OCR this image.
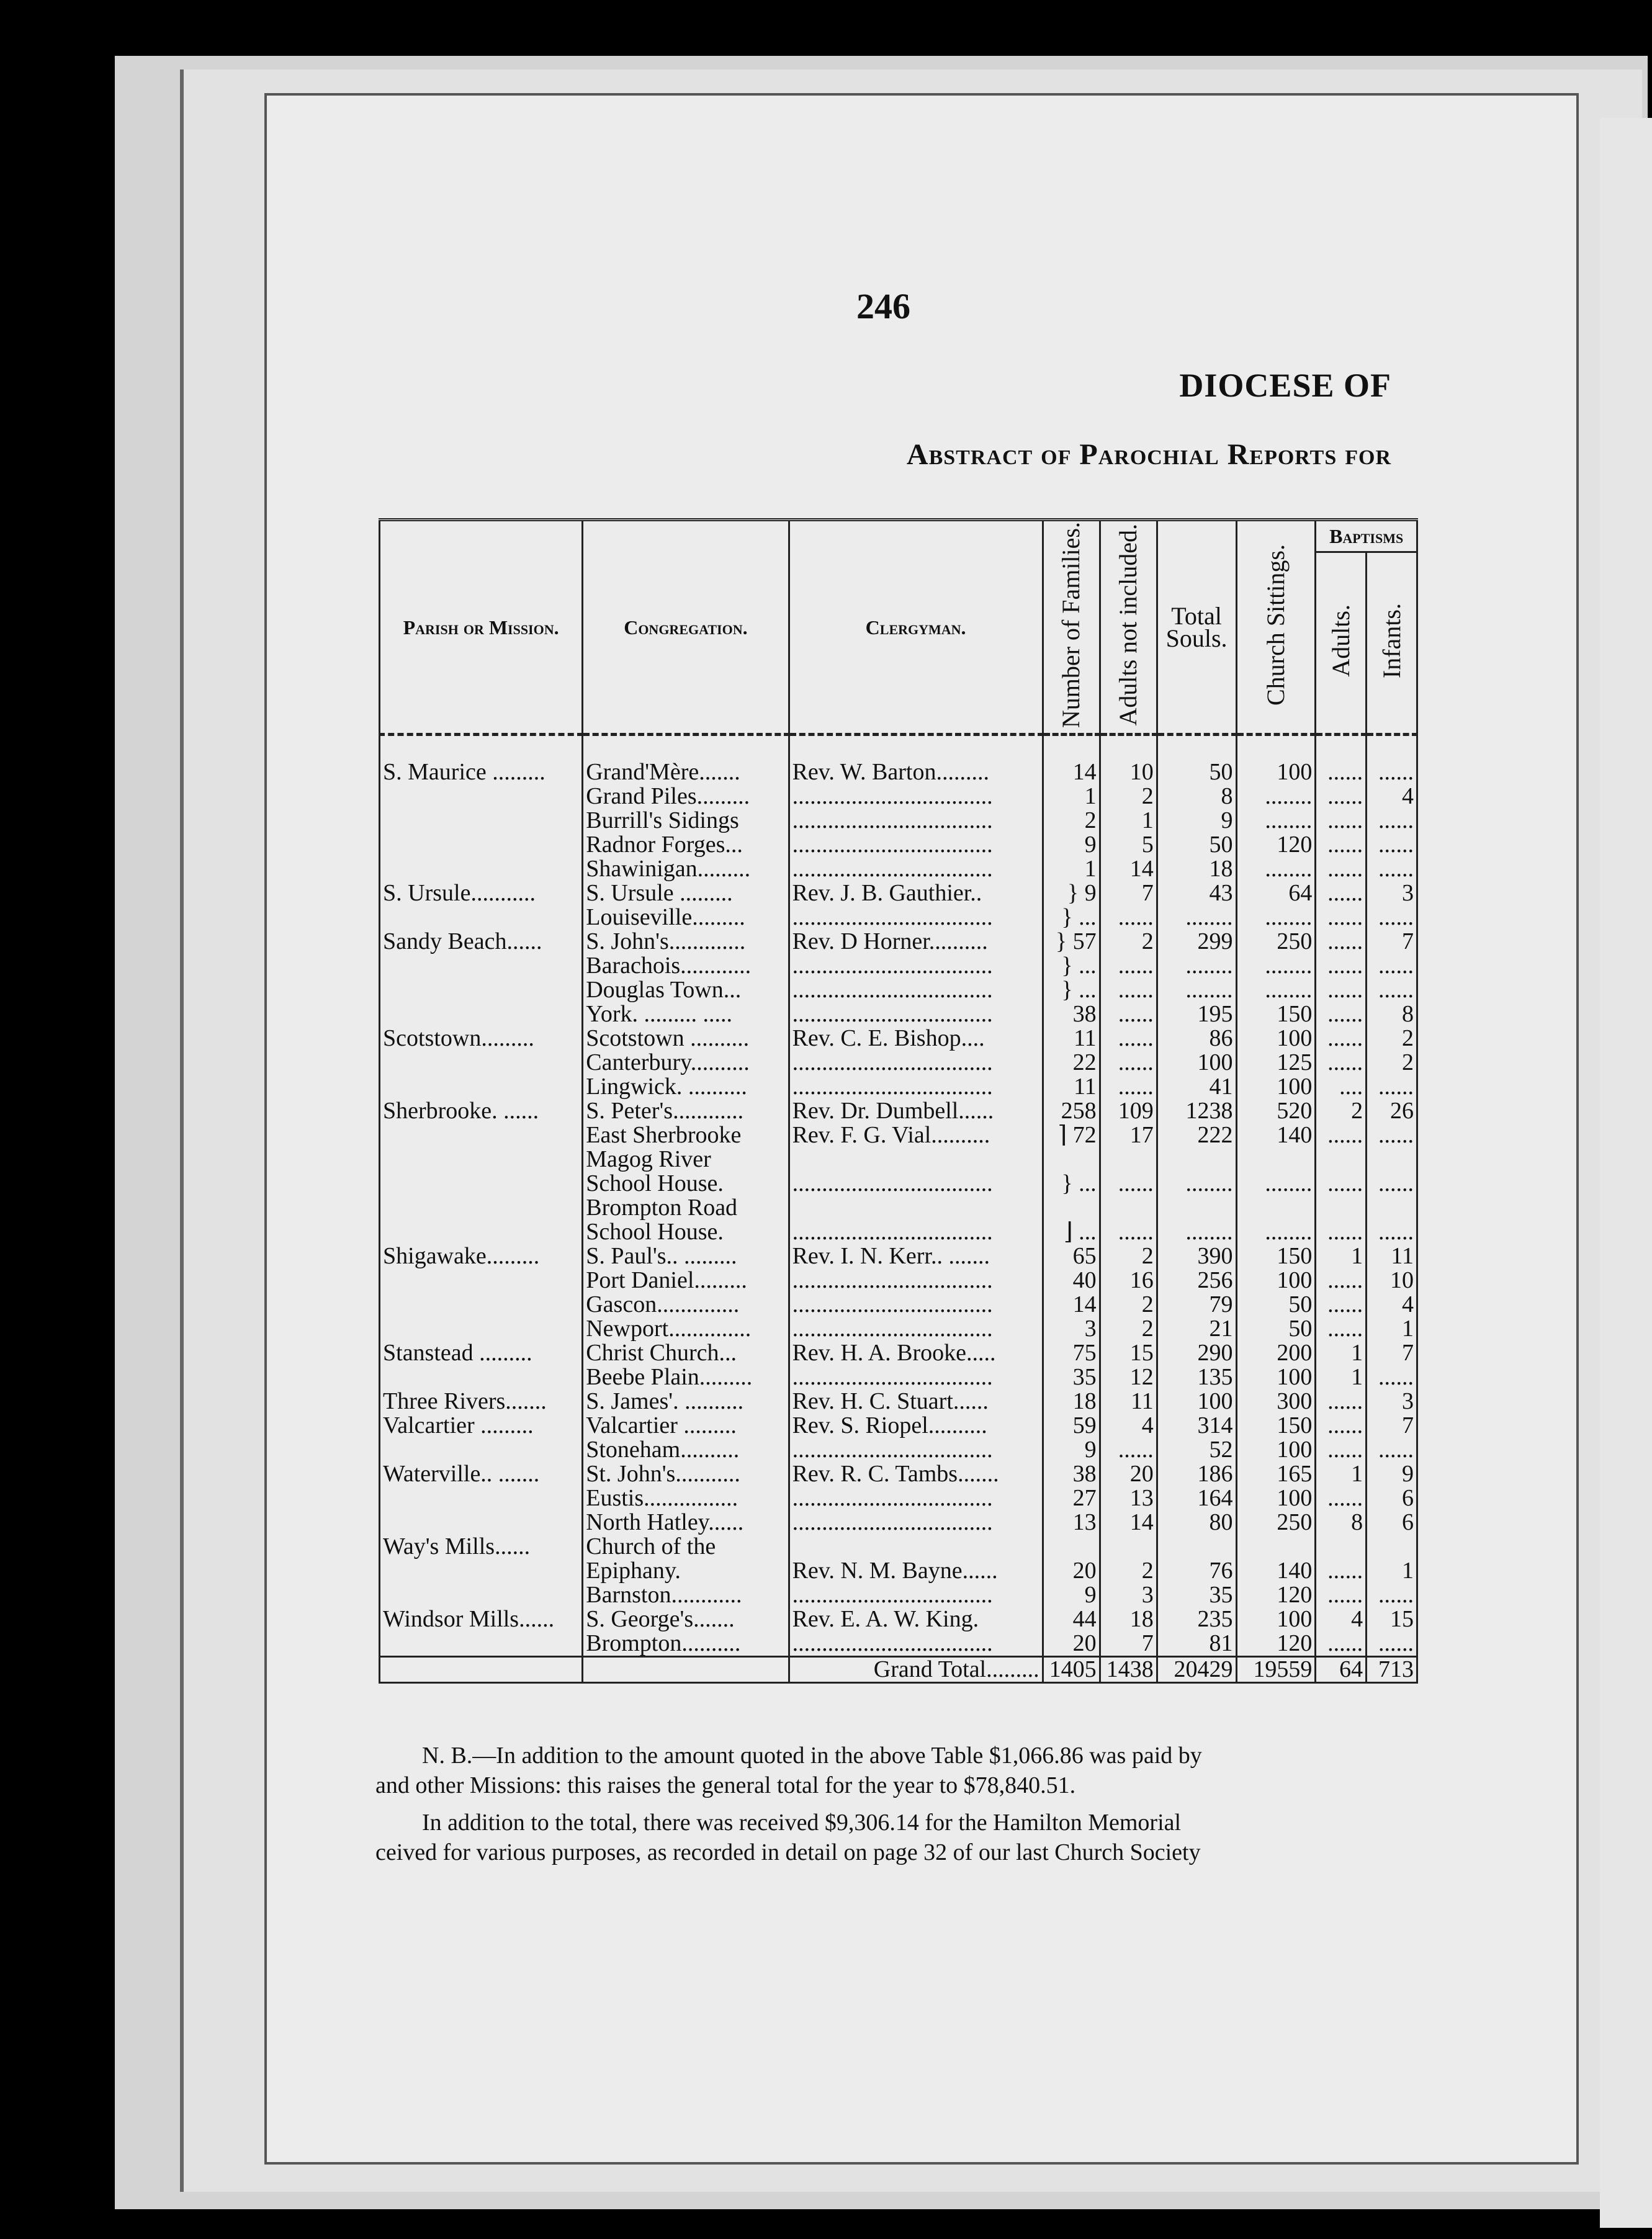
246
DIOCESE OF
Abstract of Parochial Reports for
Parish or Mission.	Congregation.	Clergyman.	Number of Families.	Adults not included.	Total Souls.	Church Sittings.	Baptisms	
							Adults.	Infants.

S. Maurice .........	Grand'Mère.......	Rev. W. Barton.........	14	10	50	100	......	......
	Grand Piles.........	..................................	1	2	8	........	......	4
	Burrill's Sidings	..................................	2	1	9	........	......	......
	Radnor Forges...	..................................	9	5	50	120	......	......
	Shawinigan.........	..................................	1	14	18	........	......	......
S. Ursule...........	S. Ursule .........	Rev. J. B. Gauthier..	} 9	7	43	64	......	3
	Louiseville.........	..................................	} ...	......	........	........	......	......
Sandy Beach......	S. John's.............	Rev. D Horner..........	} 57	2	299	250	......	7
	Barachois............	..................................	} ...	......	........	........	......	......
	Douglas Town...	..................................	} ...	......	........	........	......	......
	York. ......... .....	..................................	38	......	195	150	......	8
Scotstown.........	Scotstown ..........	Rev. C. E. Bishop....	11	......	86	100	......	2
	Canterbury..........	..................................	22	......	100	125	......	2
	Lingwick. ..........	..................................	11	......	41	100	....	......
Sherbrooke. ......	S. Peter's............	Rev. Dr. Dumbell......	258	109	1238	520	2	26
	East Sherbrooke	Rev. F. G. Vial..........	⌉ 72	17	222	140	......	......
	Magog River							
	School House.	..................................	} ...	......	........	........	......	......
	Brompton Road							
	School House.	..................................	⌋ ...	......	........	........	......	......
Shigawake.........	S. Paul's.. .........	Rev. I. N. Kerr.. .......	65	2	390	150	1	11
	Port Daniel.........	..................................	40	16	256	100	......	10
	Gascon..............	..................................	14	2	79	50	......	4
	Newport..............	..................................	3	2	21	50	......	1
Stanstead .........	Christ Church...	Rev. H. A. Brooke.....	75	15	290	200	1	7
	Beebe Plain.........	..................................	35	12	135	100	1	......
Three Rivers.......	S. James'. ..........	Rev. H. C. Stuart......	18	11	100	300	......	3
Valcartier .........	Valcartier .........	Rev. S. Riopel..........	59	4	314	150	......	7
	Stoneham..........	..................................	9	......	52	100	......	......
Waterville.. .......	St. John's...........	Rev. R. C. Tambs.......	38	20	186	165	1	9
	Eustis................	..................................	27	13	164	100	......	6
	North Hatley......	..................................	13	14	80	250	8	6
Way's Mills......	Church of the							
	Epiphany.	Rev. N. M. Bayne......	20	2	76	140	......	1
	Barnston............	..................................	9	3	35	120	......	......
Windsor Mills......	S. George's.......	Rev. E. A. W. King.	44	18	235	100	4	15
	Brompton..........	..................................	20	7	81	120	......	......
		Grand Total.........	1405	1438	20429	19559	64	713
N. B.—In addition to the amount quoted in the above Table $1,066.86 was paid by
and other Missions: this raises the general total for the year to $78,840.51.
In addition to the total, there was received $9,306.14 for the Hamilton Memorial
ceived for various purposes, as recorded in detail on page 32 of our last Church Society
